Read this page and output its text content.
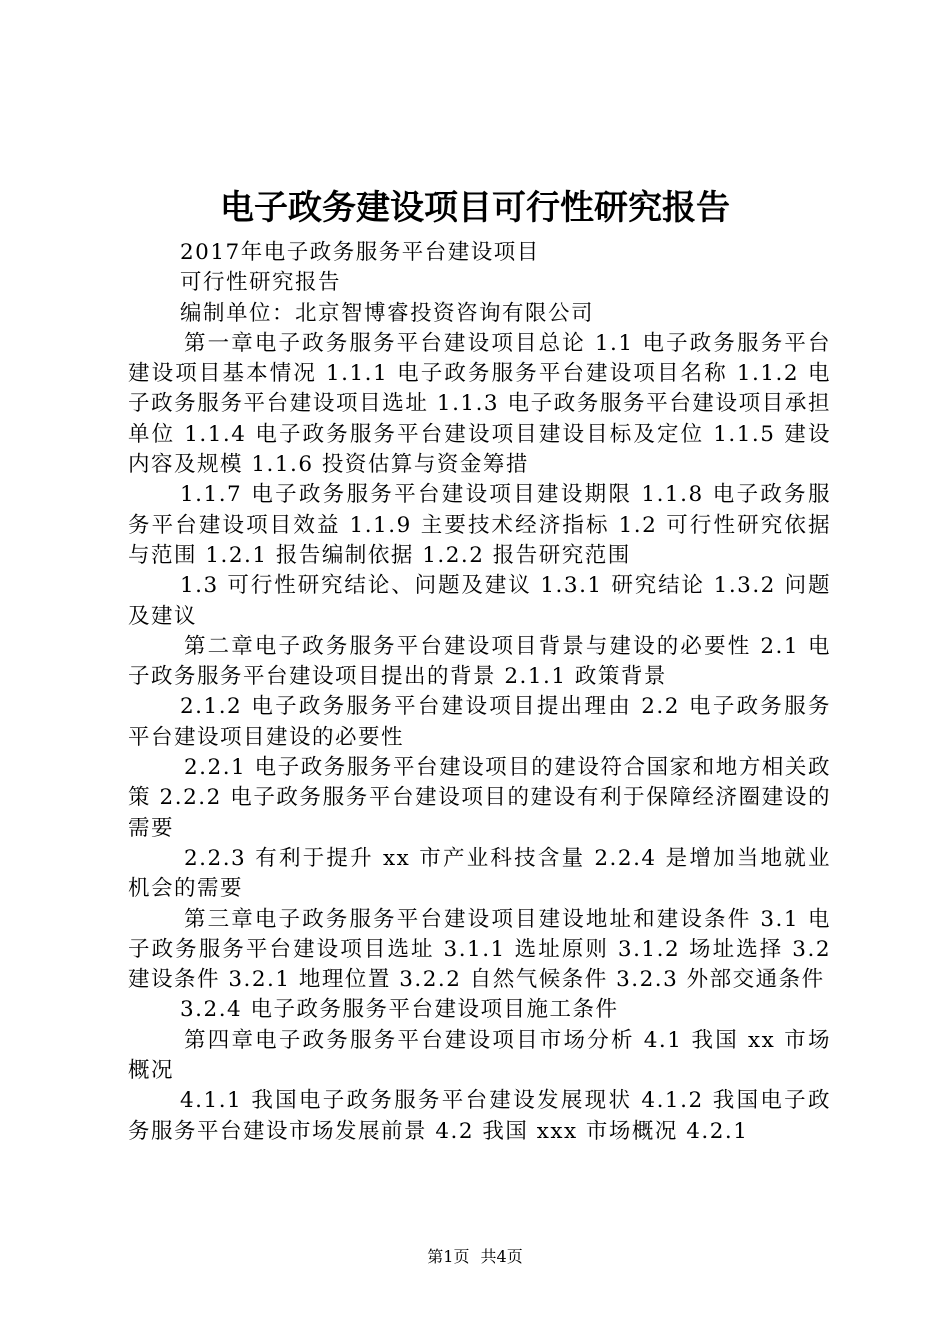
电子政务建设项目可行性研究报告

2017年电子政务服务平台建设项目

可行性研究报告

编制单位：北京智博睿投资咨询有限公司

第一章电子政务服务平台建设项目总论 1.1 电子政务服务平台建设项目基本情况 1.1.1 电子政务服务平台建设项目名称 1.1.2 电子政务服务平台建设项目选址 1.1.3 电子政务服务平台建设项目承担单位 1.1.4 电子政务服务平台建设项目建设目标及定位 1.1.5 建设内容及规模 1.1.6 投资估算与资金筹措

1.1.7 电子政务服务平台建设项目建设期限 1.1.8 电子政务服务平台建设项目效益 1.1.9 主要技术经济指标 1.2 可行性研究依据与范围 1.2.1 报告编制依据 1.2.2 报告研究范围

1.3 可行性研究结论、问题及建议 1.3.1 研究结论 1.3.2 问题及建议

第二章电子政务服务平台建设项目背景与建设的必要性 2.1 电子政务服务平台建设项目提出的背景 2.1.1 政策背景

2.1.2 电子政务服务平台建设项目提出理由 2.2 电子政务服务平台建设项目建设的必要性

2.2.1 电子政务服务平台建设项目的建设符合国家和地方相关政策 2.2.2 电子政务服务平台建设项目的建设有利于保障经济圈建设的需要

2.2.3 有利于提升 xx 市产业科技含量 2.2.4 是增加当地就业机会的需要

第三章电子政务服务平台建设项目建设地址和建设条件 3.1 电子政务服务平台建设项目选址 3.1.1 选址原则 3.1.2 场址选择 3.2 建设条件 3.2.1 地理位置 3.2.2 自然气候条件 3.2.3 外部交通条件

3.2.4 电子政务服务平台建设项目施工条件

第四章电子政务服务平台建设项目市场分析 4.1 我国 xx 市场概况

4.1.1 我国电子政务服务平台建设发展现状 4.1.2 我国电子政务服务平台建设市场发展前景 4.2 我国 xxx 市场概况 4.2.1

第1页 共4页
